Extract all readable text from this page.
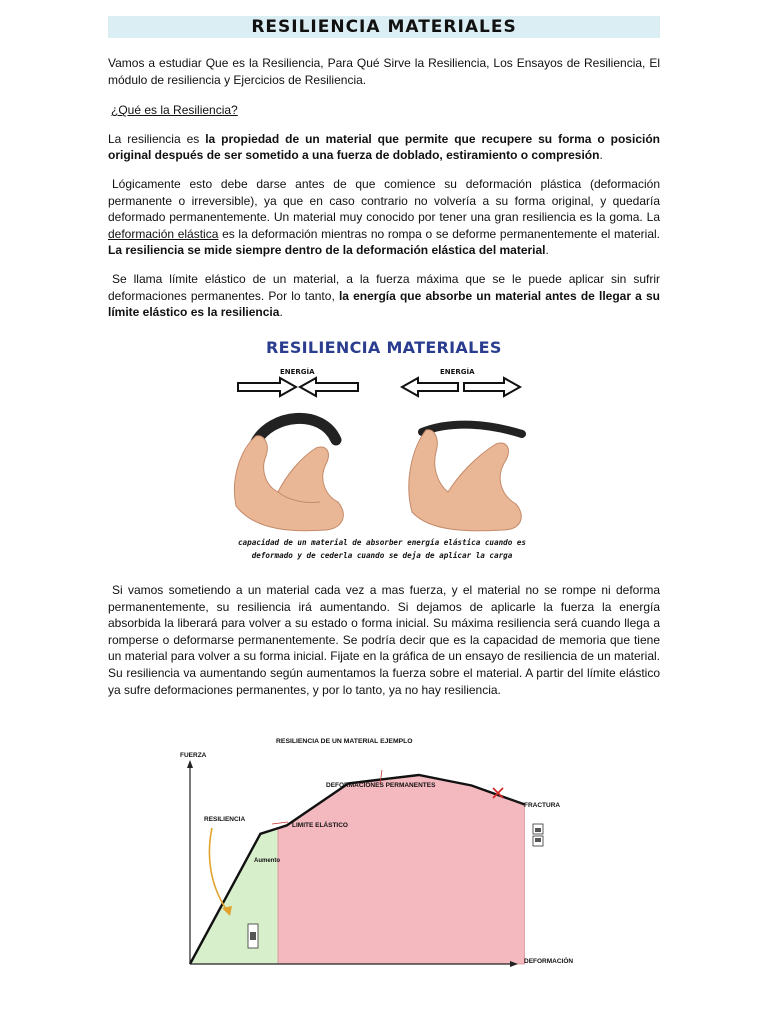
RESILIENCIA MATERIALES

Vamos a estudiar Que es la Resiliencia, Para Qué Sirve la Resiliencia, Los Ensayos de Resiliencia, El módulo de resiliencia y Ejercicios de Resiliencia.

¿Qué es la Resiliencia?

La resiliencia es la propiedad de un material que permite que recupere su forma o posición original después de ser sometido a una fuerza de doblado, estiramiento o compresión.

Lógicamente esto debe darse antes de que comience su deformación plástica (deformación permanente o irreversible), ya que en caso contrario no volvería a su forma original, y quedaría deformado permanentemente. Un material muy conocido por tener una gran resiliencia es la goma. La deformación elástica es la deformación mientras no rompa o se deforme permanentemente el material. La resiliencia se mide siempre dentro de la deformación elástica del material.

Se llama límite elástico de un material, a la fuerza máxima que se le puede aplicar sin sufrir deformaciones permanentes. Por lo tanto, la energía que absorbe un material antes de llegar a su límite elástico es la resiliencia.

RESILIENCIA MATERIALES
ENERGÍA	ENERGÍA
capacidad de un material de absorber energía elástica cuando es
deformado y de cederla cuando se deja de aplicar la carga

Si vamos sometiendo a un material cada vez a mas fuerza, y el material no se rompe ni deforma permanentemente, su resiliencia irá aumentando. Si dejamos de aplicarle la fuerza la energía absorbida la liberará para volver a su estado o forma inicial. Su máxima resiliencia será cuando llega a romperse o deformarse permanentemente. Se podría decir que es la capacidad de memoria que tiene un material para volver a su forma inicial. Fijate en la gráfica de un ensayo de resiliencia de un material. Su resiliencia va aumentando según aumentamos la fuerza sobre el material. A partir del límite elástico ya sufre deformaciones permanentes, y por lo tanto, ya no hay resiliencia.

RESILIENCIA DE UN MATERIAL EJEMPLO
FUERZA
DEFORMACIÓN
RESILIENCIA
Aumento
LIMITE ELÁSTICO
DEFORMACIONES PERMANENTES
FRACTURA
